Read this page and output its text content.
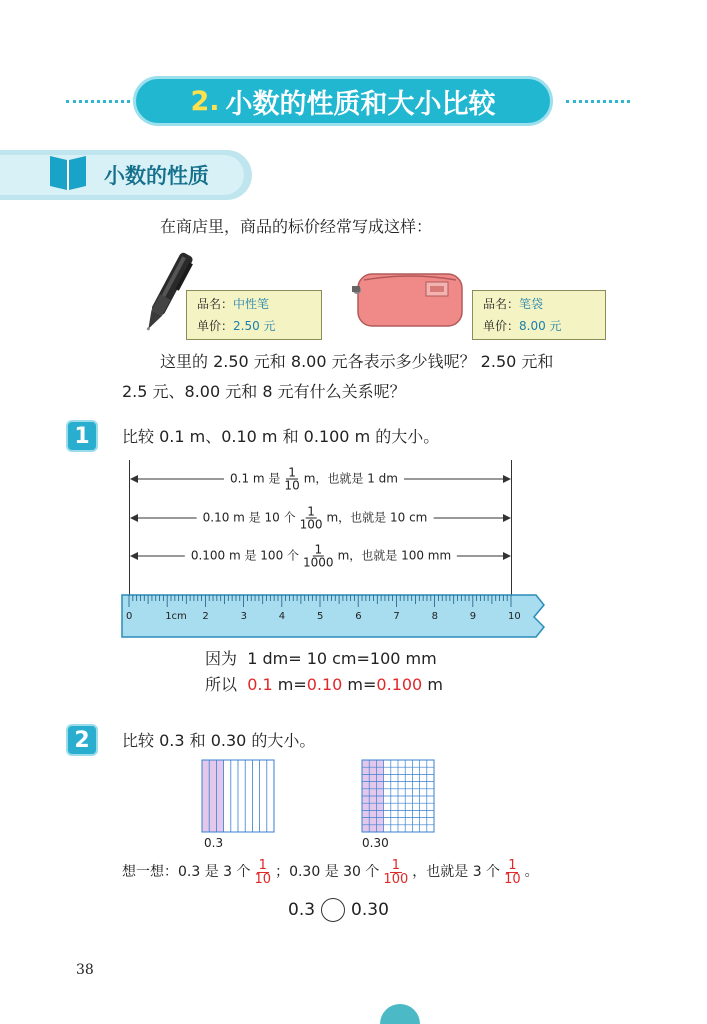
2. 小数的性质和大小比较
小数的性质
在商店里，商品的标价经常写成这样：
品名：中性笔
单价：2.50 元
品名：笔袋
单价：8.00 元
这里的 2.50 元和 8.00 元各表示多少钱呢？ 2.50 元和
2.5 元、8.00 元和 8 元有什么关系呢？
1	比较 0.1 m、0.10 m 和 0.100 m 的大小。
0.1 m 是 $\frac{1}{10}$ m，也就是 1 dm
0.10 m 是 10 个 $\frac{1}{100}$ m，也就是 10 cm
0.100 m 是 100 个 $\frac{1}{1000}$ m，也就是 100 mm
0	1cm 2	3	4	5	6	7	8	9	10
因为 1 dm= 10 cm=100 mm
所以 0.1 m=0.10 m=0.100 m
2	比较 0.3 和 0.30 的大小。
0.3	0.30
想一想：0.3 是 3 个 $\frac{1}{10}$ ；0.30 是 30 个 $\frac{1}{100}$ ，也就是 3 个 $\frac{1}{10}$ 。
0.3 0.30
38
